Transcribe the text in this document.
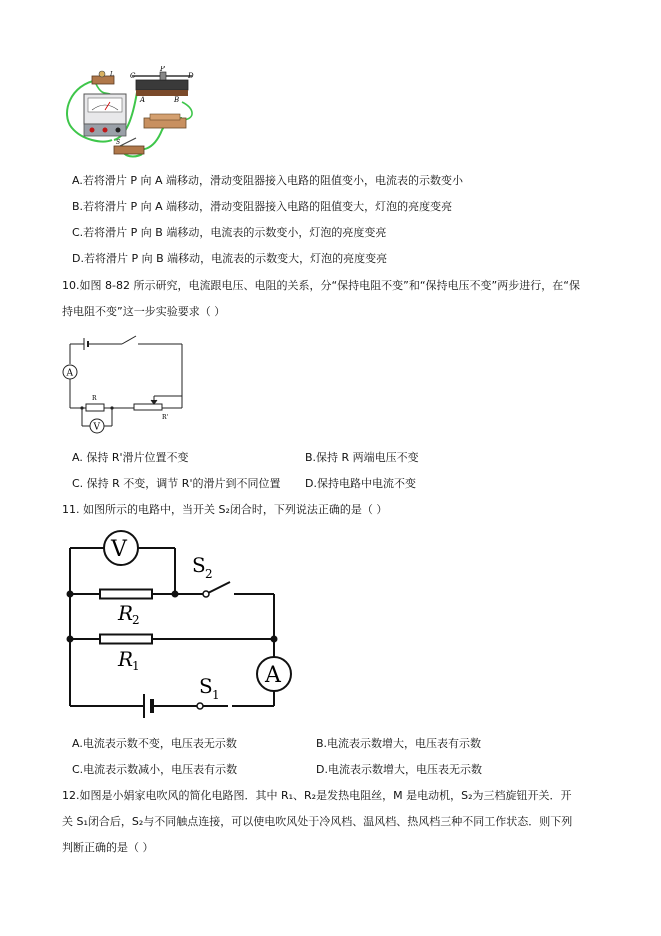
L C
P
D
A	B
S
A.若将滑片 P 向 A 端移动，滑动变阻器接入电路的阻值变小，电流表的示数变小
B.若将滑片 P 向 A 端移动，滑动变阻器接入电路的阻值变大，灯泡的亮度变亮
C.若将滑片 P 向 B 端移动，电流表的示数变小，灯泡的亮度变亮
D.若将滑片 P 向 B 端移动，电流表的示数变大，灯泡的亮度变亮
10.如图 8-82 所示研究，电流跟电压、电阻的关系，分“保持电阻不变”和“保持电压不变”两步进行，在“保
持电阻不变”这一步实验要求（ ）
A
V
R
R'
A. 保持 R'滑片位置不变	B.保持 R 两端电压不变
C. 保持 R 不变，调节 R'的滑片到不同位置 D.保持电路中电流不变
11. 如图所示的电路中，当开关 S₂闭合时，下列说法正确的是（ ）
V
A
R
2
R
1
S 2
S 1
A.电流表示数不变，电压表无示数	B.电流表示数增大，电压表有示数
C.电流表示数减小，电压表有示数	D.电流表示数增大，电压表无示数
12.如图是小娟家电吹风的简化电路图．其中 R₁、R₂是发热电阻丝，M 是电动机，S₂为三档旋钮开关．开
关 S₁闭合后，S₂与不同触点连接，可以使电吹风处于冷风档、温风档、热风档三种不同工作状态．则下列
判断正确的是（ ）
